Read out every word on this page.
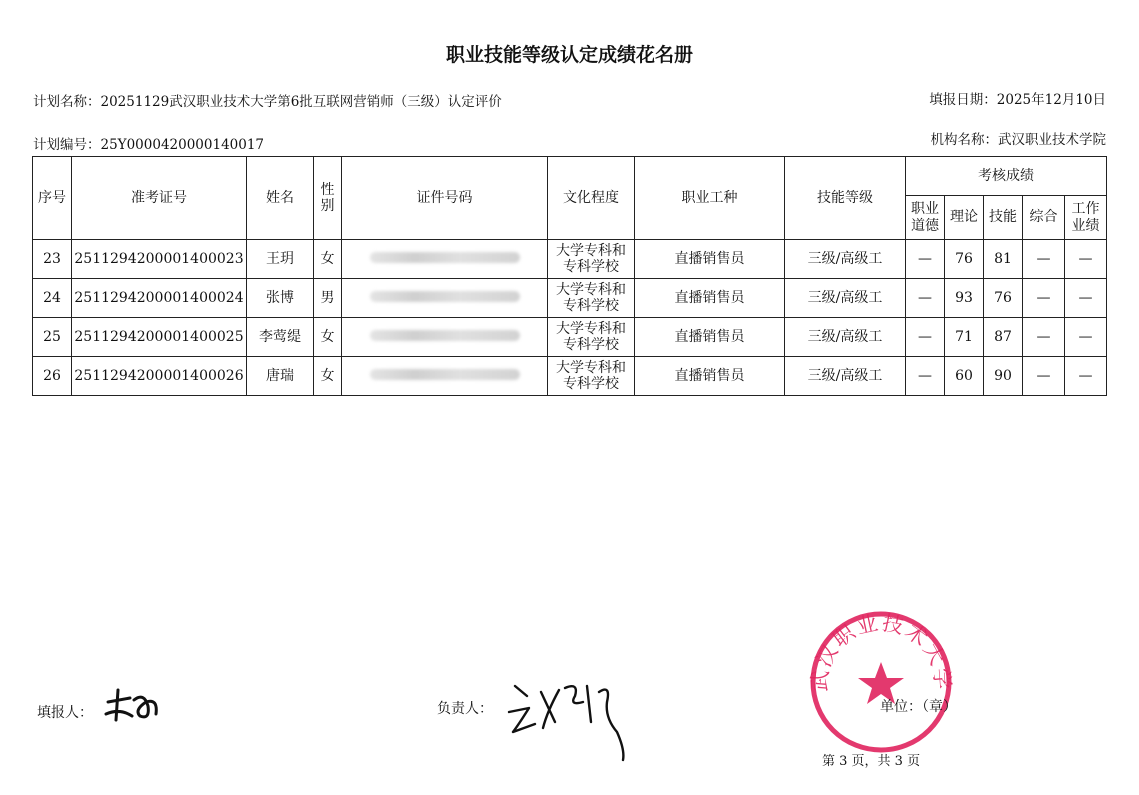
职业技能等级认定成绩花名册
计划名称：20251129武汉职业技术大学第6批互联网营销师（三级）认定评价	填报日期：2025年12月10日
计划编号：25Y0000420000140017	机构名称：武汉职业技术学院
序号	准考证号	姓名	性别	证件号码	文化程度	职业工种	技能等级	考核成绩				
								职业道德	理论	技能	综合	工作业绩
23	2511294200001400023	王玥	女		大学专科和专科学校	直播销售员	三级/高级工	—	76	81	—	—
24	2511294200001400024	张博	男		大学专科和专科学校	直播销售员	三级/高级工	—	93	76	—	—
25	2511294200001400025	李莺缇	女		大学专科和专科学校	直播销售员	三级/高级工	—	71	87	—	—
26	2511294200001400026	唐瑞	女		大学专科和专科学校	直播销售员	三级/高级工	—	60	90	—	—
填报人：	负责人：
武汉职业技术大学
单位：（章）
第 3 页，共 3 页
